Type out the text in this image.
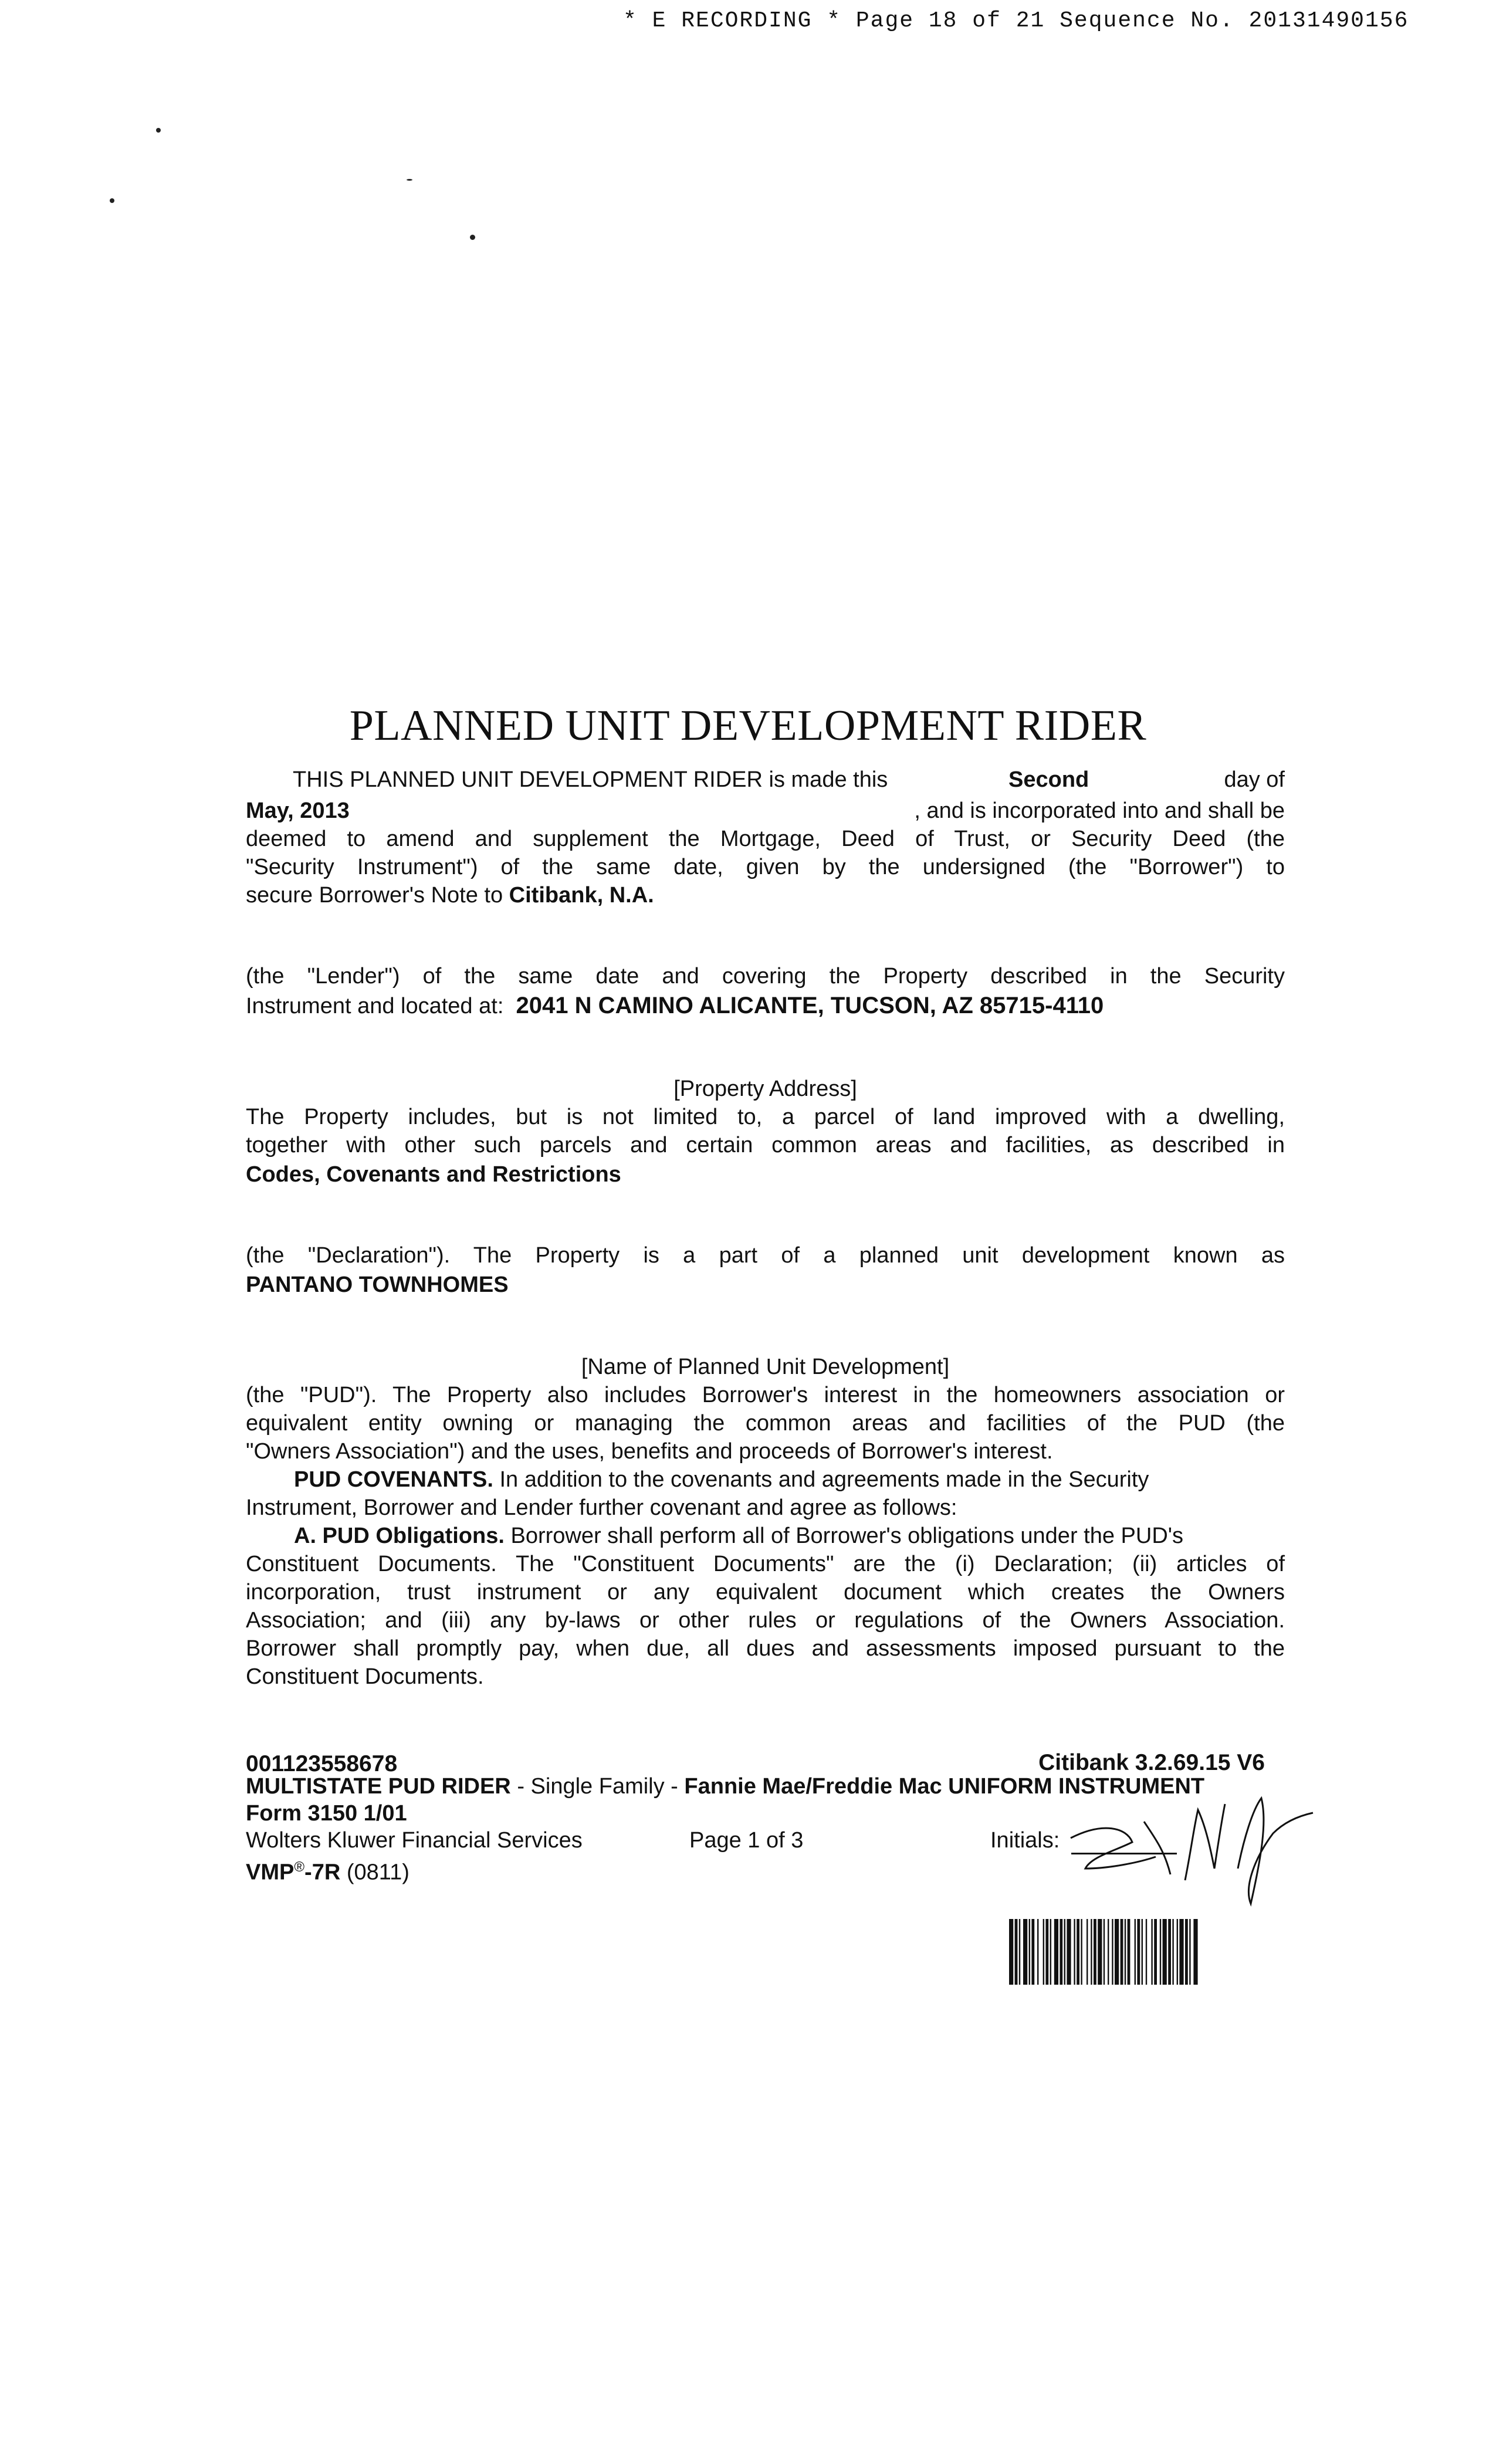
* E RECORDING * Page 18 of 21 Sequence No. 20131490156
PLANNED UNIT DEVELOPMENT RIDER
THIS PLANNED UNIT DEVELOPMENT RIDER is made this	Second	day of
May, 2013	, and is incorporated into and shall be
deemed to amend and supplement the Mortgage, Deed of Trust, or Security Deed (the
"Security Instrument") of the same date, given by the undersigned (the "Borrower") to
secure Borrower's Note to Citibank, N.A.
(the "Lender") of the same date and covering the Property described in the Security
Instrument and located at: 2041 N CAMINO ALICANTE, TUCSON, AZ 85715-4110
[Property Address]
The Property includes, but is not limited to, a parcel of land improved with a dwelling,
together with other such parcels and certain common areas and facilities, as described in
Codes, Covenants and Restrictions
(the "Declaration"). The Property is a part of a planned unit development known as
PANTANO TOWNHOMES
[Name of Planned Unit Development]
(the "PUD"). The Property also includes Borrower's interest in the homeowners association or
equivalent entity owning or managing the common areas and facilities of the PUD (the
"Owners Association") and the uses, benefits and proceeds of Borrower's interest.
PUD COVENANTS. In addition to the covenants and agreements made in the Security
Instrument, Borrower and Lender further covenant and agree as follows:
A. PUD Obligations. Borrower shall perform all of Borrower's obligations under the PUD's
Constituent Documents. The "Constituent Documents" are the (i) Declaration; (ii) articles of
incorporation, trust instrument or any equivalent document which creates the Owners
Association; and (iii) any by-laws or other rules or regulations of the Owners Association.
Borrower shall promptly pay, when due, all dues and assessments imposed pursuant to the
Constituent Documents.
001123558678	Citibank 3.2.69.15 V6
MULTISTATE PUD RIDER - Single Family - Fannie Mae/Freddie Mac UNIFORM INSTRUMENT
Form 3150 1/01
Wolters Kluwer Financial Services	Page 1 of 3	Initials:
VMP®-7R (0811)
